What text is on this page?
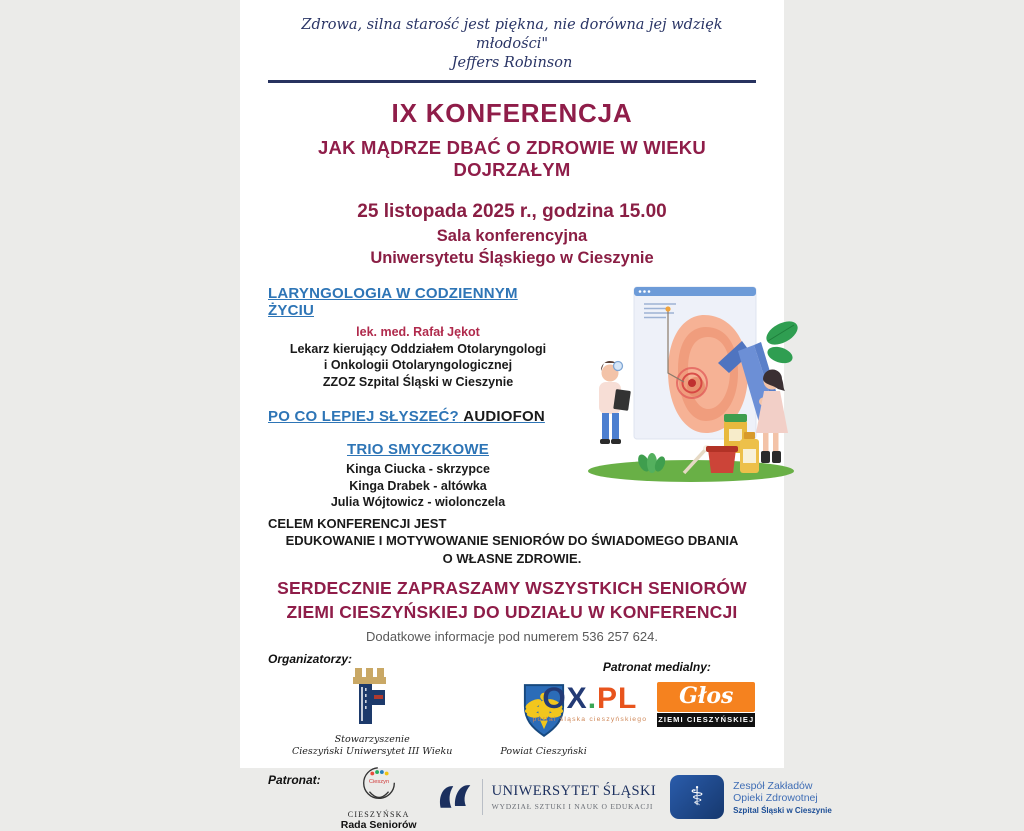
Zdrowa, silna starość jest piękna, nie dorówna jej wdzięk młodości"
Jeffers Robinson
IX KONFERENCJA
JAK MĄDRZE DBAĆ O ZDROWIE W WIEKU DOJRZAŁYM
25 listopada 2025 r., godzina 15.00
Sala konferencyjna
Uniwersytetu Śląskiego w Cieszynie
LARYNGOLOGIA W CODZIENNYM ŻYCIU
lek. med. Rafał Jękot
Lekarz kierujący Oddziałem Otolaryngologi
i Onkologii Otolaryngologicznej
ZZOZ Szpital Śląski w Cieszynie
PO CO LEPIEJ SŁYSZEĆ? AUDIOFON
TRIO SMYCZKOWE
Kinga Ciucka - skrzypce
Kinga Drabek - altówka
Julia Wójtowicz - wiolonczela
CELEM KONFERENCJI JEST
EDUKOWANIE I MOTYWOWANIE SENIORÓW DO ŚWIADOMEGO DBANIA
O WŁASNE ZDROWIE.
SERDECZNIE ZAPRASZAMY WSZYSTKICH SENIORÓW
ZIEMI CIESZYŃSKIEJ DO UDZIAŁU W KONFERENCJI
Dodatkowe informacje pod numerem 536 257 624.
Organizatorzy:
Stowarzyszenie
Cieszyński Uniwersytet III Wieku	Powiat Cieszyński
Patronat medialny:
OX.PL
portal śląska cieszyńskiego
Głos
ZIEMI CIESZYŃSKIEJ
Patronat:	Cieszyn
CIESZYŃSKA
Rada Seniorów
UNIWERSYTET ŚLĄSKI
WYDZIAŁ SZTUKI I NAUK O EDUKACJI	⚕	Zespół Zakładów
Opieki Zdrowotnej
Szpital Śląski w Cieszynie
